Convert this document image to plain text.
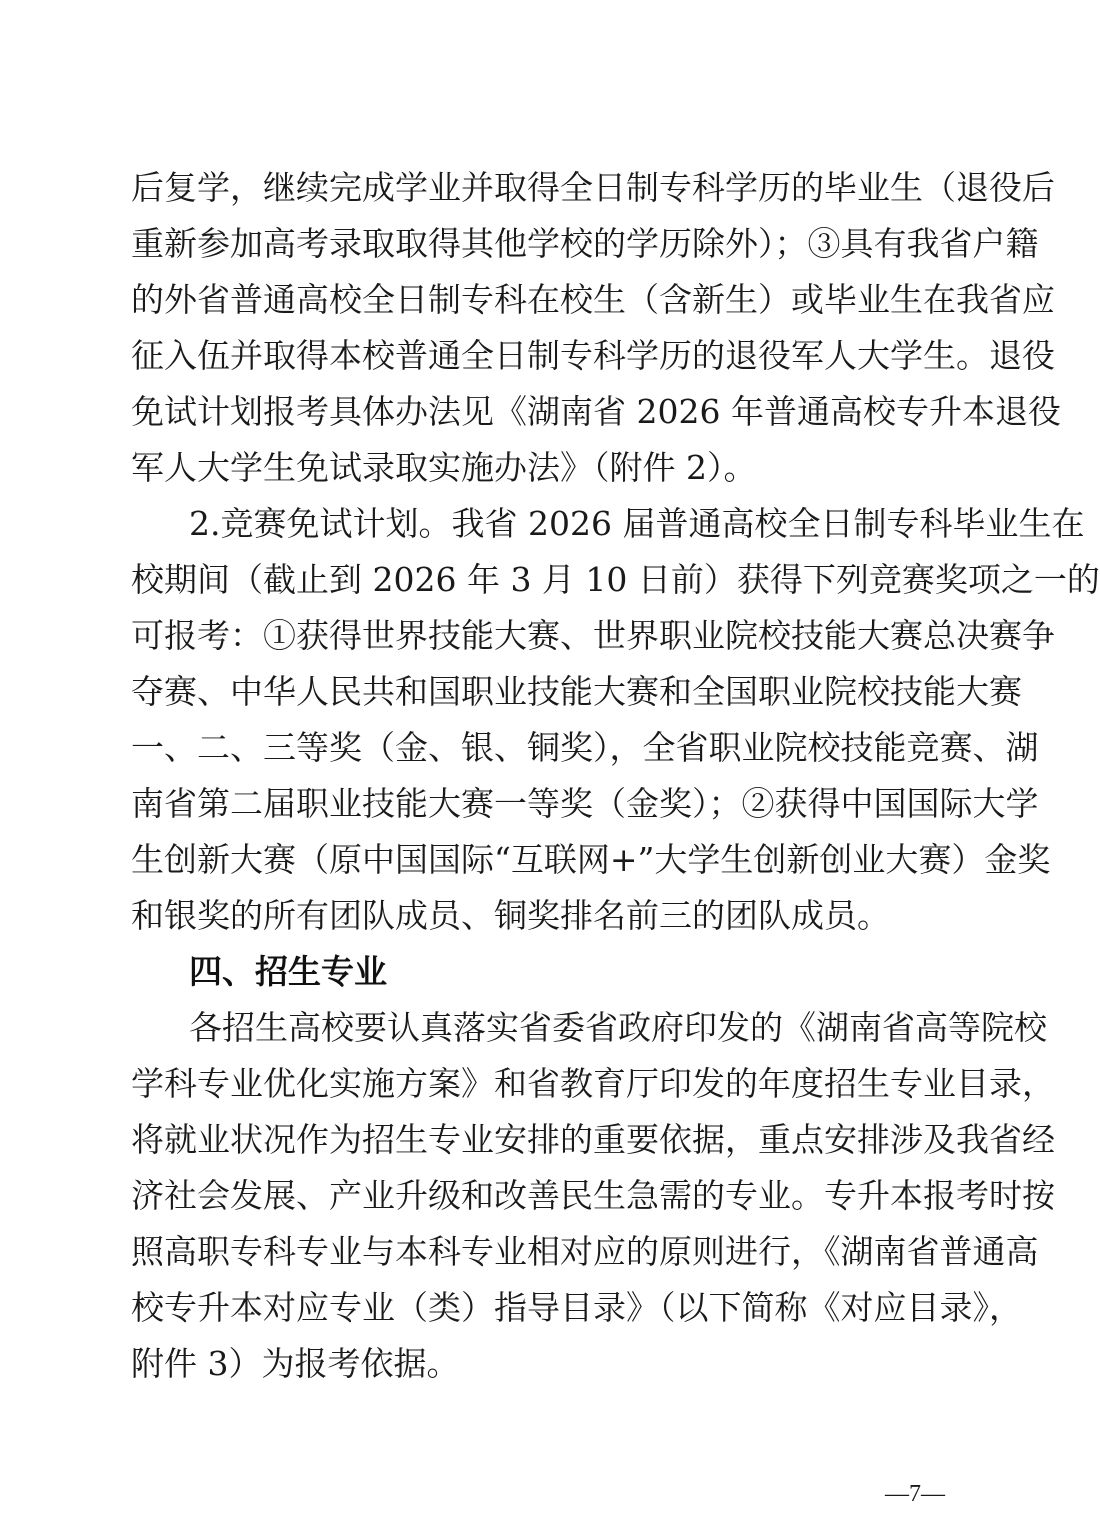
后复学，继续完成学业并取得全日制专科学历的毕业生（退役后
重新参加高考录取取得其他学校的学历除外）；③具有我省户籍
的外省普通高校全日制专科在校生（含新生）或毕业生在我省应
征入伍并取得本校普通全日制专科学历的退役军人大学生。退役
免试计划报考具体办法见《湖南省 2026 年普通高校专升本退役
军人大学生免试录取实施办法》（附件 2）。
2.竞赛免试计划。我省 2026 届普通高校全日制专科毕业生在
校期间（截止到 2026 年 3 月 10 日前）获得下列竞赛奖项之一的
可报考：①获得世界技能大赛、世界职业院校技能大赛总决赛争
夺赛、中华人民共和国职业技能大赛和全国职业院校技能大赛
一、二、三等奖（金、银、铜奖），全省职业院校技能竞赛、湖
南省第二届职业技能大赛一等奖（金奖）；②获得中国国际大学
生创新大赛（原中国国际“互联网+”大学生创新创业大赛）金奖
和银奖的所有团队成员、铜奖排名前三的团队成员。
四、招生专业
各招生高校要认真落实省委省政府印发的《湖南省高等院校
学科专业优化实施方案》和省教育厅印发的年度招生专业目录，
将就业状况作为招生专业安排的重要依据，重点安排涉及我省经
济社会发展、产业升级和改善民生急需的专业。专升本报考时按
照高职专科专业与本科专业相对应的原则进行，《湖南省普通高
校专升本对应专业（类）指导目录》（以下简称《对应目录》，
附件 3）为报考依据。
—7—
